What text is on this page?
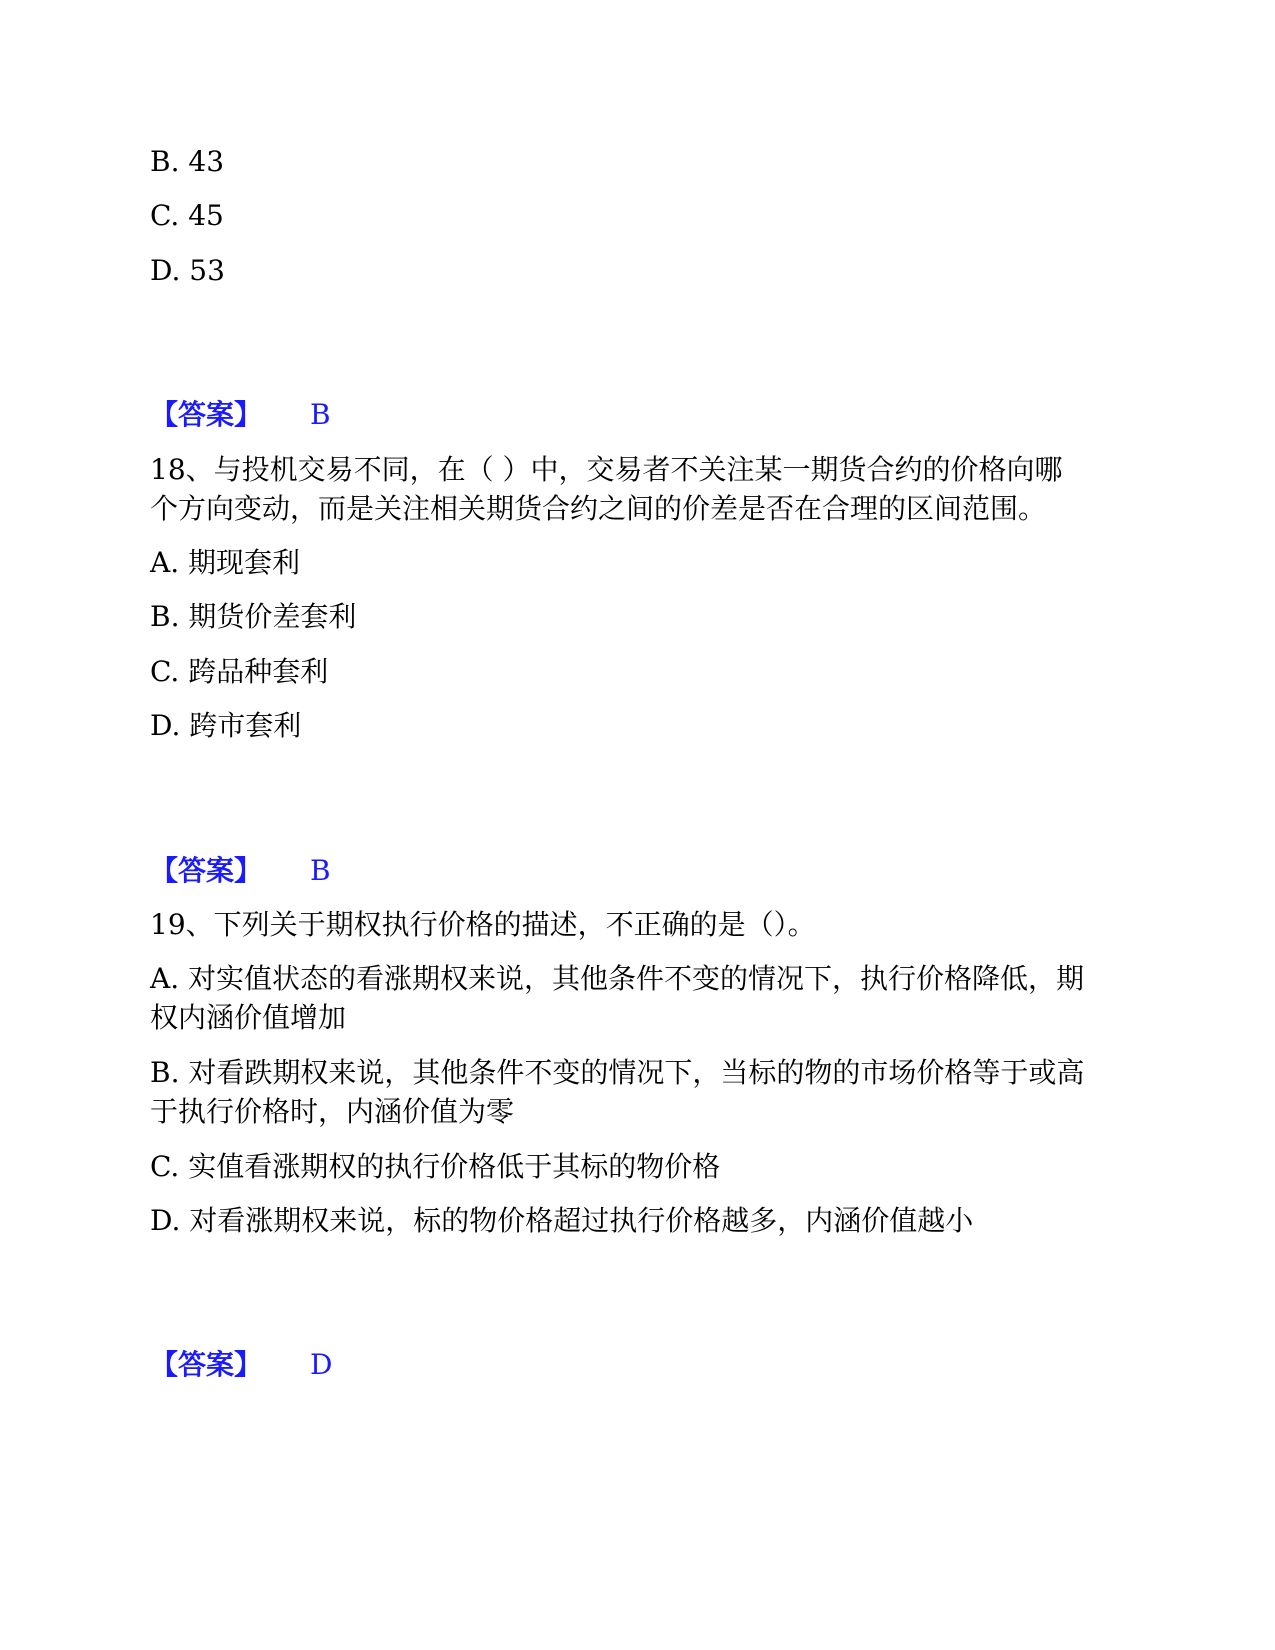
B. 43
C. 45
D. 53
【答案】 B
18、与投机交易不同，在（ ）中，交易者不关注某一期货合约的价格向哪
个方向变动，而是关注相关期货合约之间的价差是否在合理的区间范围。
A. 期现套利
B. 期货价差套利
C. 跨品种套利
D. 跨市套利
【答案】 B
19、下列关于期权执行价格的描述，不正确的是（）。
A. 对实值状态的看涨期权来说，其他条件不变的情况下，执行价格降低，期
权内涵价值增加
B. 对看跌期权来说，其他条件不变的情况下，当标的物的市场价格等于或高
于执行价格时，内涵价值为零
C. 实值看涨期权的执行价格低于其标的物价格
D. 对看涨期权来说，标的物价格超过执行价格越多，内涵价值越小
【答案】 D
